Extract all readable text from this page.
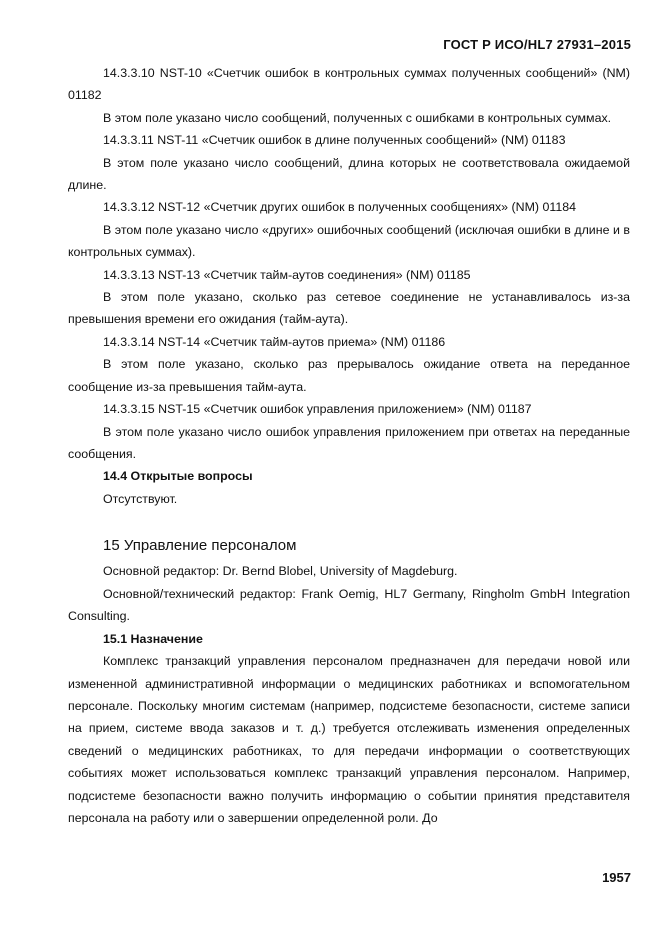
ГОСТ Р ИСО/HL7 27931–2015

14.3.3.10 NST-10 «Счетчик ошибок в контрольных суммах полученных сообщений» (NM) 01182

В этом поле указано число сообщений, полученных с ошибками в контрольных суммах.

14.3.3.11 NST-11 «Счетчик ошибок в длине полученных сообщений» (NM) 01183

В этом поле указано число сообщений, длина которых не соответствовала ожидаемой длине.

14.3.3.12 NST-12 «Счетчик других ошибок в полученных сообщениях» (NM) 01184

В этом поле указано число «других» ошибочных сообщений (исключая ошибки в длине и в контрольных суммах).

14.3.3.13 NST-13 «Счетчик тайм-аутов соединения» (NM) 01185

В этом поле указано, сколько раз сетевое соединение не устанавливалось из-за превышения времени его ожидания (тайм-аута).

14.3.3.14 NST-14 «Счетчик тайм-аутов приема» (NM) 01186

В этом поле указано, сколько раз прерывалось ожидание ответа на переданное сообщение из-за превышения тайм-аута.

14.3.3.15 NST-15 «Счетчик ошибок управления приложением» (NM) 01187

В этом поле указано число ошибок управления приложением при ответах на переданные сообщения.

14.4 Открытые вопросы

Отсутствуют.

15 Управление персоналом

Основной редактор: Dr. Bernd Blobel, University of Magdeburg.

Основной/технический редактор: Frank Oemig, HL7 Germany, Ringholm GmbH Integration Consulting.

15.1 Назначение

Комплекс транзакций управления персоналом предназначен для передачи новой или измененной административной информации о медицинских работниках и вспомогательном персонале. Поскольку многим системам (например, подсистеме безопасности, системе записи на прием, системе ввода заказов и т. д.) требуется отслеживать изменения определенных сведений о медицинских работниках, то для передачи информации о соответствующих событиях может использоваться комплекс транзакций управления персоналом. Например, подсистеме безопасности важно получить информацию о событии принятия представителя персонала на работу или о завершении определенной роли. До

1957
